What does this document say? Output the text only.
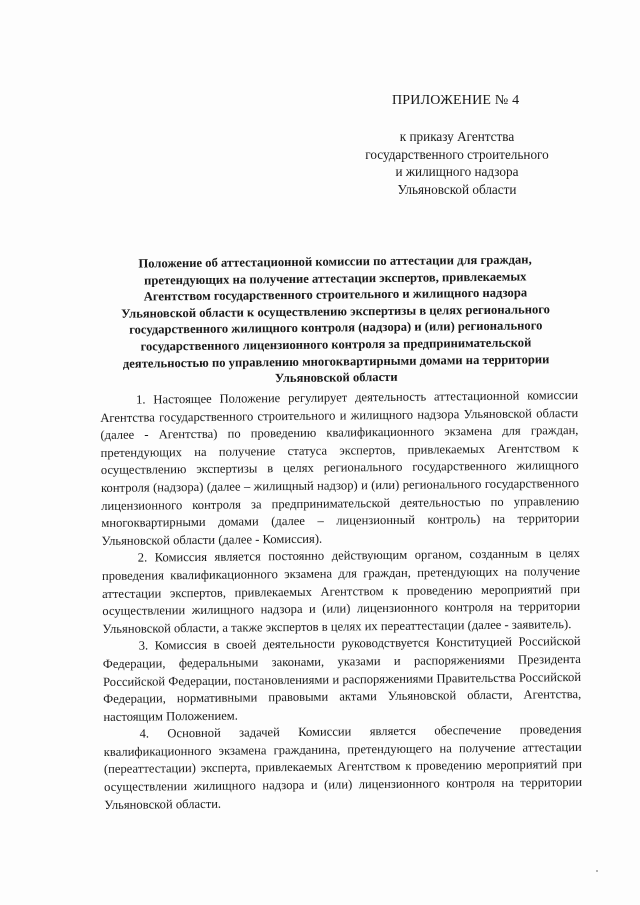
ПРИЛОЖЕНИЕ № 4
к приказу Агентства
государственного строительного
и жилищного надзора
Ульяновской области
Положение об аттестационной комиссии по аттестации для граждан,
претендующих на получение аттестации экспертов, привлекаемых
Агентством государственного строительного и жилищного надзора
Ульяновской области к осуществлению экспертизы в целях регионального
государственного жилищного контроля (надзора) и (или) регионального
государственного лицензионного контроля за предпринимательской
деятельностью по управлению многоквартирными домами на территории
Ульяновской области

1. Настоящее Положение регулирует деятельность аттестационной комиссии Агентства государственного строительного и жилищного надзора Ульяновской области (далее - Агентства) по проведению квалификационного экзамена для граждан, претендующих на получение статуса экспертов, привлекаемых Агентством к осуществлению экспертизы в целях регионального государственного жилищного контроля (надзора) (далее – жилищный надзор) и (или) регионального государственного лицензионного контроля за предпринимательской деятельностью по управлению многоквартирными домами (далее – лицензионный контроль) на территории Ульяновской области (далее - Комиссия).

2. Комиссия является постоянно действующим органом, созданным в целях проведения квалификационного экзамена для граждан, претендующих на получение аттестации экспертов, привлекаемых Агентством к проведению мероприятий при осуществлении жилищного надзора и (или) лицензионного контроля на территории Ульяновской области, а также экспертов в целях их переаттестации (далее - заявитель).

3. Комиссия в своей деятельности руководствуется Конституцией Российской Федерации, федеральными законами, указами и распоряжениями Президента Российской Федерации, постановлениями и распоряжениями Правительства Российской Федерации, нормативными правовыми актами Ульяновской области, Агентства, настоящим Положением.

4. Основной задачей Комиссии является обеспечение проведения квалификационного экзамена гражданина, претендующего на получение аттестации (переаттестации) эксперта, привлекаемых Агентством к проведению мероприятий при осуществлении жилищного надзора и (или) лицензионного контроля на территории Ульяновской области.
